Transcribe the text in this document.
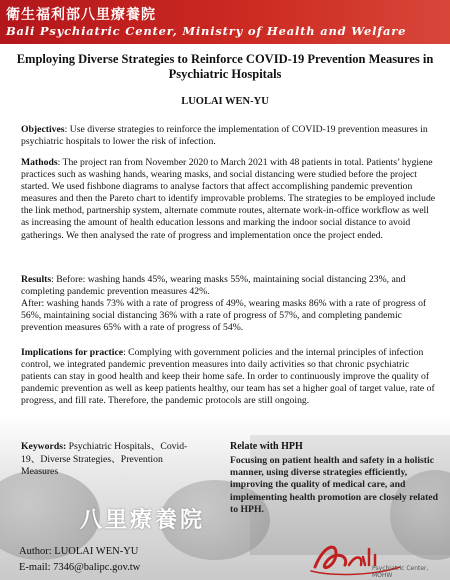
衛生福利部八里療養院
Bali Psychiatric Center, Ministry of Health and Welfare
Employing Diverse Strategies to Reinforce COVID-19 Prevention Measures in Psychiatric Hospitals
LUOLAI WEN-YU

Objectives: Use diverse strategies to reinforce the implementation of COVID-19 prevention measures in psychiatric hospitals to lower the risk of infection.

Mathods: The project ran from November 2020 to March 2021 with 48 patients in total. Patients’ hygiene practices such as washing hands, wearing masks, and social distancing were studied before the project started. We used fishbone diagrams to analyse factors that affect accomplishing pandemic prevention measures and then the Pareto chart to identify improvable problems. The strategies to be employed include the link method, partnership system, alternate commute routes, alternate work-in-office workflow as well as increasing the amount of health education lessons and marking the indoor social distance to avoid gatherings. We then analysed the rate of progress and implementation once the project ended.

Results: Before: washing hands 45%, wearing masks 55%, maintaining social distancing 23%, and completing pandemic prevention measures 42%.
After: washing hands 73% with a rate of progress of 49%, wearing masks 86% with a rate of progress of 56%, maintaining social distancing 36% with a rate of progress of 57%, and completing pandemic prevention measures 65% with a rate of progress of 54%.

Implications for practice: Complying with government policies and the internal principles of infection control, we integrated pandemic prevention measures into daily activities so that chronic psychiatric patients can stay in good health and keep their home safe. In order to continuously improve the quality of pandemic prevention as well as keep patients healthy, our team has set a higher goal of target value, rate of progress, and fill rate. Therefore, the pandemic protocols are still ongoing.

八里療養院
Keywords: Psychiatric Hospitals、Covid-19、Diverse Strategies、Prevention Measures
Relate with HPH
Focusing on patient health and safety in a holistic manner, using diverse strategies efficiently, improving the quality of medical care, and implementing health promotion are closely related to HPH.
Author: LUOLAI WEN-YU
E-mail: 7346@balipc.gov.tw	Psychiatric Center, MOHW
